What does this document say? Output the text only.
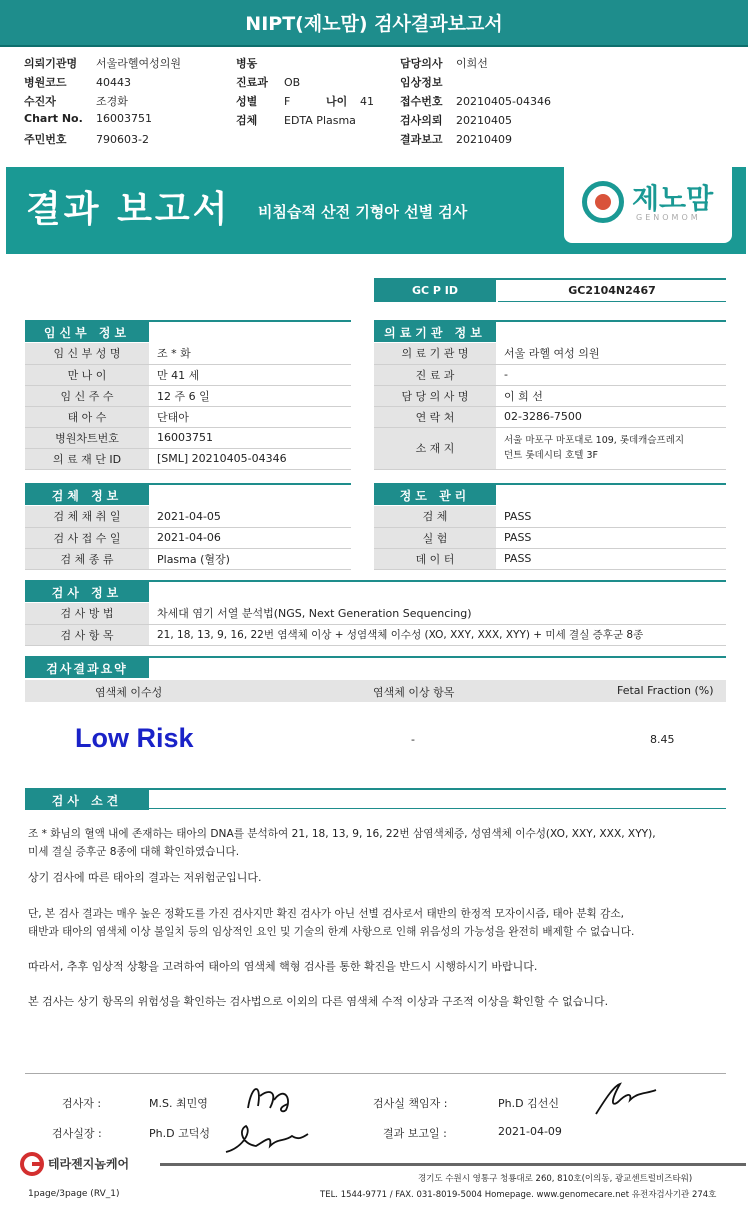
NIPT(제노맘) 검사결과보고서
의뢰기관명 서울라헬여성의원
병원코드	40443
수진자	조경화
Chart No. 16003751
주민번호	790603-2
병동
진료과 OB
성별 F	나이 41
검체 EDTA Plasma
담당의사 이희선
임상정보
접수번호 20210405-04346
검사의뢰 20210405
결과보고 20210409
결과 보고서 비침습적 산전 기형아 선별 검사	제노맘
GENOMOM
GC P ID	GC2104N2467
임신부 정보
임 신 부 성 명	조 * 화
만 나 이	만 41 세
임 신 주 수	12 주 6 일
태 아 수	단태아
병원차트번호	16003751
의 료 재 단 ID	[SML] 20210405-04346
의료기관 정보
의 료 기 관 명	서울 라헬 여성 의원
진 료 과	-
담 당 의 사 명	이 희 선
연 락 처	02-3286-7500
소 재 지	서울 마포구 마포대로 109, 롯데캐슬프레지
던트 롯데시티 호텔 3F
검체 정보
검 체 채 취 일	2021-04-05
검 사 접 수 일	2021-04-06
검 체 종 류	Plasma (혈장)
정도 관리
검 체	PASS
실 험	PASS
데 이 터	PASS
검사 정보
검 사 방 법	차세대 염기 서열 분석법(NGS, Next Generation Sequencing)
검 사 항 목	21, 18, 13, 9, 16, 22번 염색체 이상 + 성염색체 이수성 (XO, XXY, XXX, XYY) + 미세 결실 증후군 8종
검사결과요약
염색체 이수성	염색체 이상 항목	Fetal Fraction (%)
Low Risk	-	8.45
검사 소견
조 * 화님의 혈액 내에 존재하는 태아의 DNA를 분석하여 21, 18, 13, 9, 16, 22번 삼염색체증, 성염색체 이수성(XO, XXY, XXX, XYY),
미세 결실 증후군 8종에 대해 확인하였습니다.
상기 검사에 따른 태아의 결과는 저위험군입니다.
단, 본 검사 결과는 매우 높은 정확도를 가진 검사지만 확진 검사가 아닌 선별 검사로서 태반의 한정적 모자이시즘, 태아 분획 감소,
태반과 태아의 염색체 이상 불일치 등의 임상적인 요인 및 기술의 한계 사항으로 인해 위음성의 가능성을 완전히 배제할 수 없습니다.
따라서, 추후 임상적 상황을 고려하여 태아의 염색체 핵형 검사를 통한 확진을 반드시 시행하시기 바랍니다.
본 검사는 상기 항목의 위험성을 확인하는 검사법으로 이외의 다른 염색체 수적 이상과 구조적 이상을 확인할 수 없습니다.
검사자 :	M.S. 최민영	검사실 책임자 :	Ph.D 김선신
검사실장 :	Ph.D 고덕성	결과 보고일 :	2021-04-09
테라젠지놈케어
경기도 수원시 영통구 청룡대로 260, 810호(이의동, 광교센트럴비즈타워)
TEL. 1544-9771 / FAX. 031-8019-5004 Homepage. www.genomecare.net 유전자검사기관 274호
1page/3page (RV_1)
